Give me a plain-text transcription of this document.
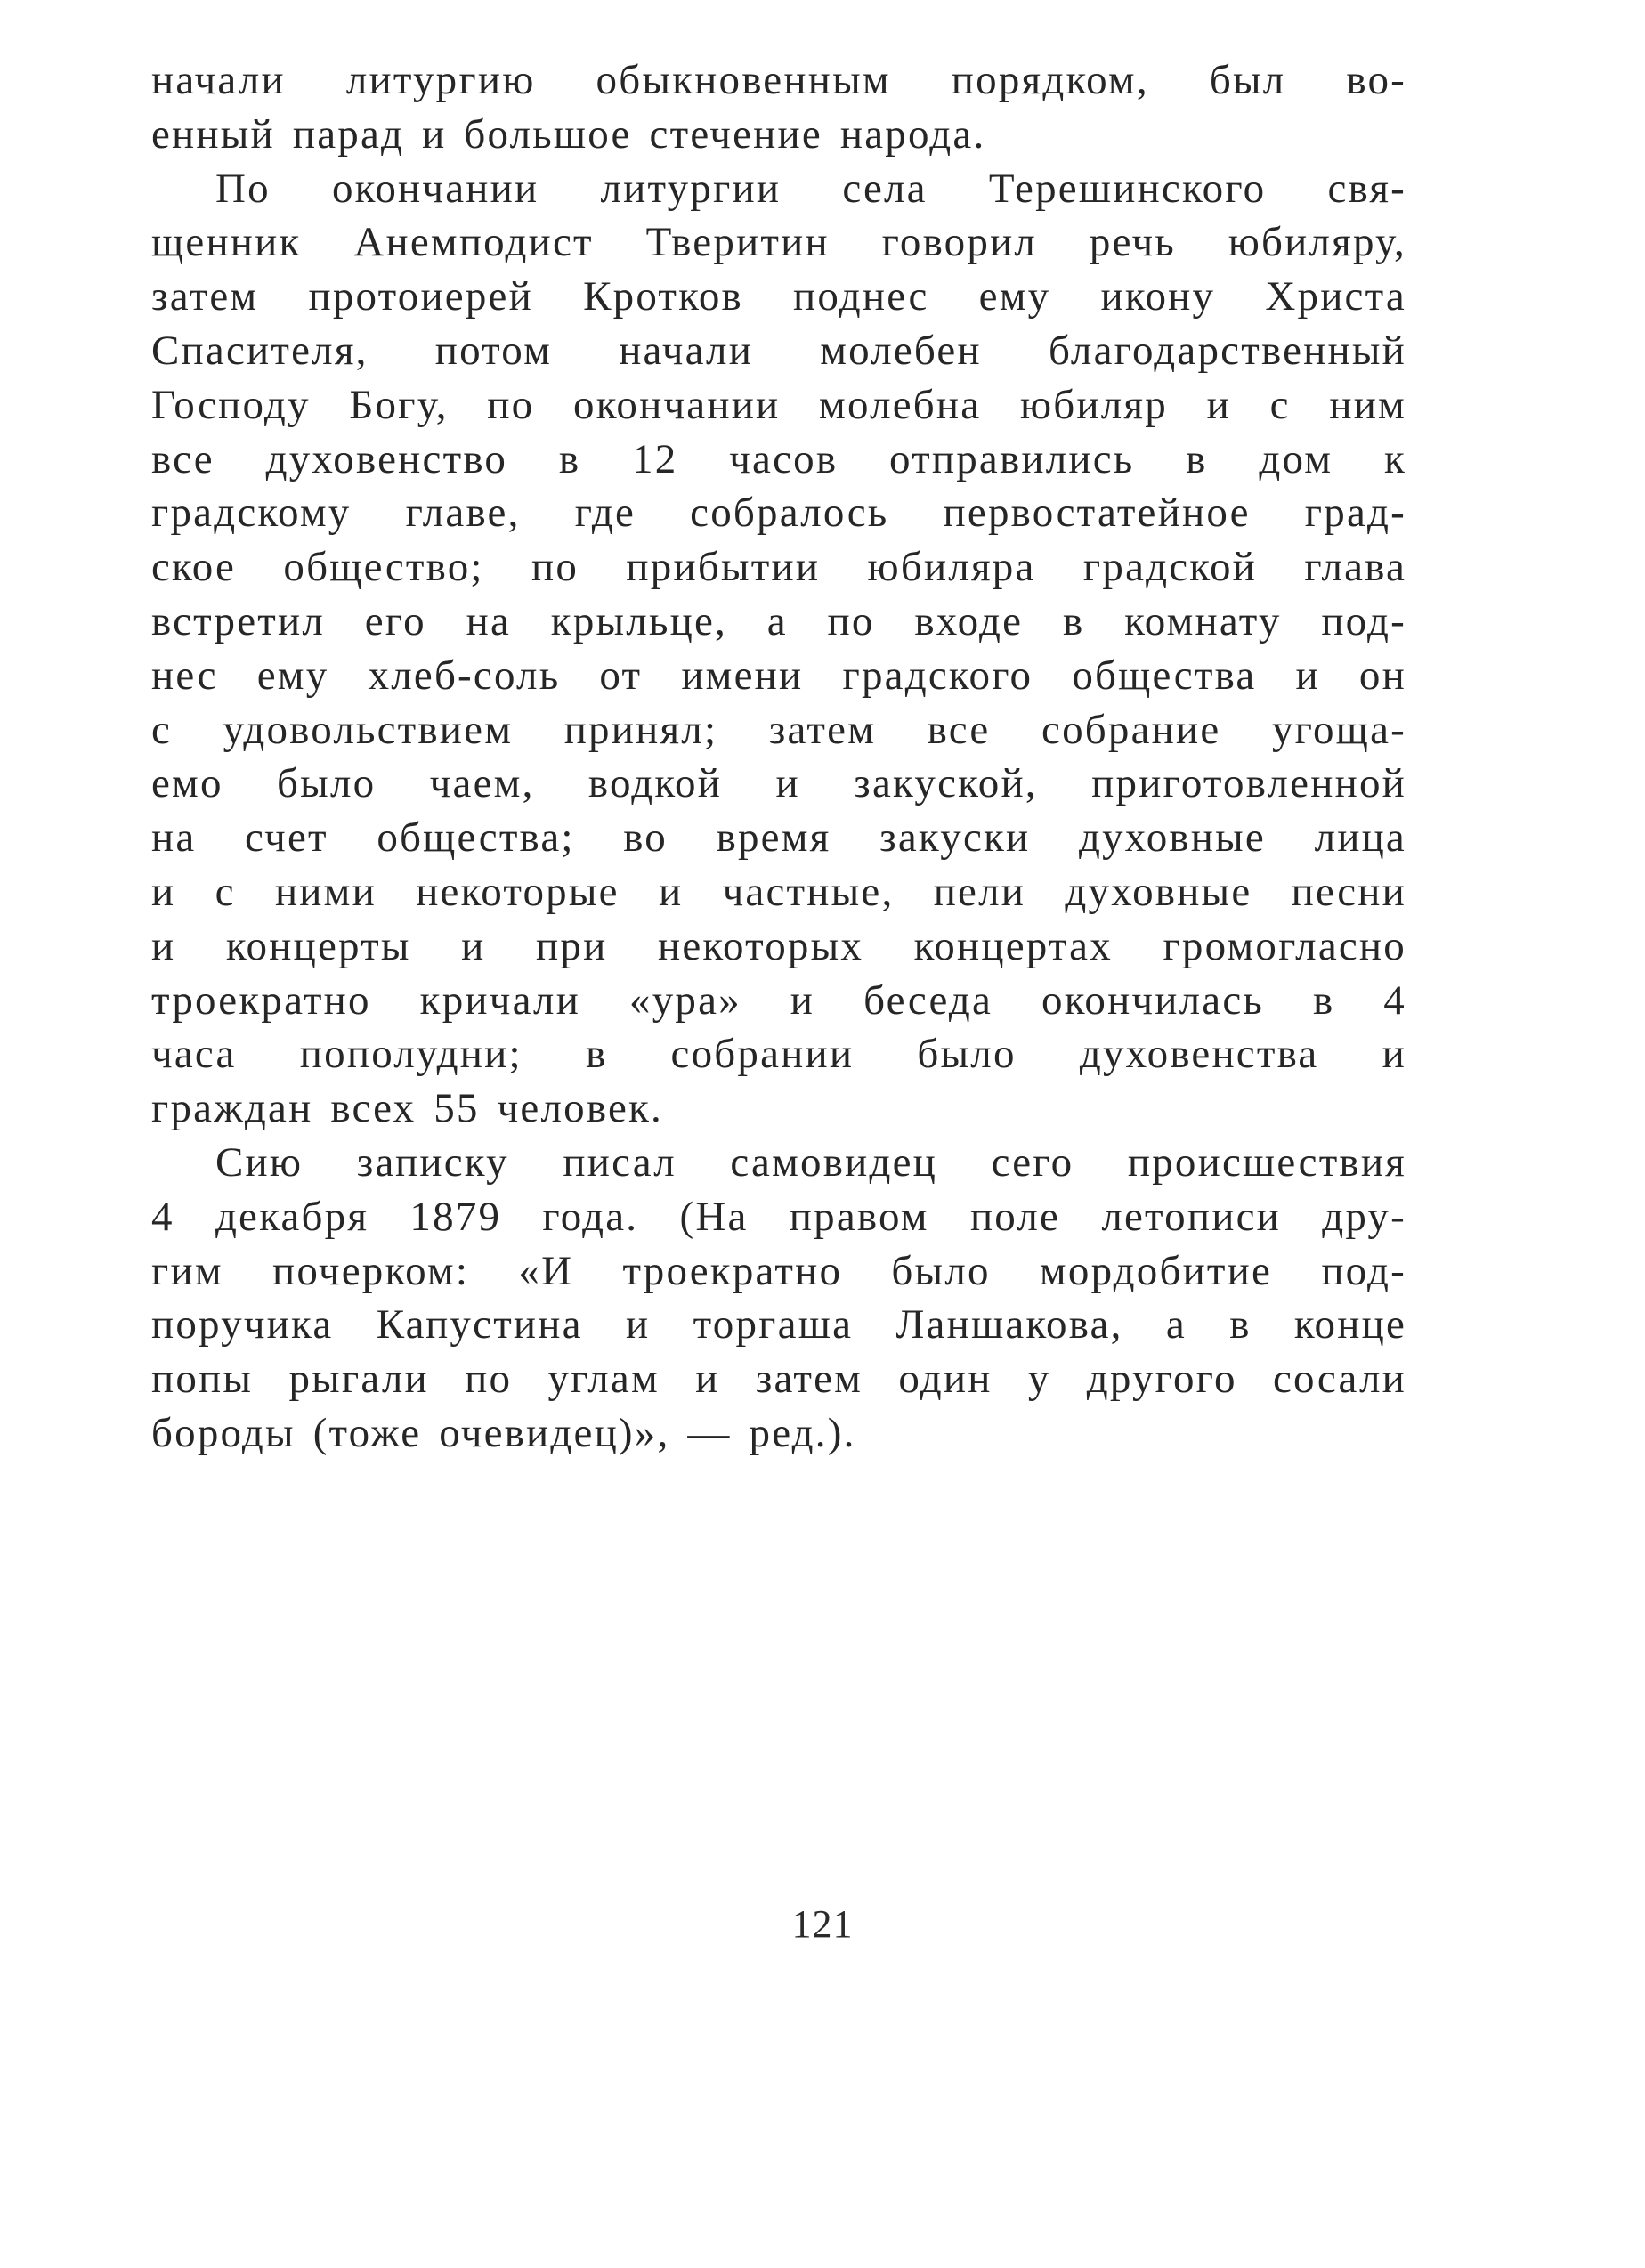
начали литургию обыкновенным порядком, был во-
енный парад и большое стечение народа.

По окончании литургии села Терешинского свя-
щенник Анемподист Тверитин говорил речь юбиляру,
затем протоиерей Кротков поднес ему икону Христа
Спасителя, потом начали молебен благодарственный
Господу Богу, по окончании молебна юбиляр и с ним
все духовенство в 12 часов отправились в дом к
градскому главе, где собралось первостатейное град-
ское общество; по прибытии юбиляра градской глава
встретил его на крыльце, а по входе в комнату под-
нес ему хлеб-соль от имени градского общества и он
с удовольствием принял; затем все собрание угоща-
емо было чаем, водкой и закуской, приготовленной
на счет общества; во время закуски духовные лица
и с ними некоторые и частные, пели духовные песни
и концерты и при некоторых концертах громогласно
троекратно кричали «ура» и беседа окончилась в 4
часа пополудни; в собрании было духовенства и
граждан всех 55 человек.

Сию записку писал самовидец сего происшествия
4 декабря 1879 года. (На правом поле летописи дру-
гим почерком: «И троекратно было мордобитие под-
поручика Капустина и торгаша Ланшакова, а в конце
попы рыгали по углам и затем один у другого сосали
бороды (тоже очевидец)», — ред.).

121
